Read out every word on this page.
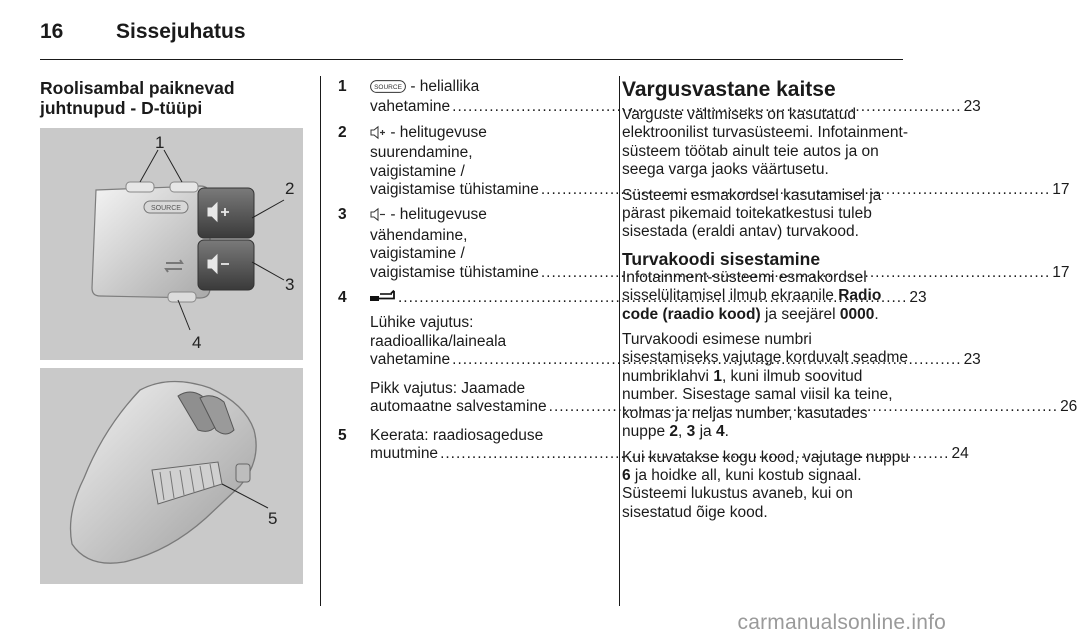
16	Sissejuhatus
Roolisambal paiknevad
juhtnupud - D-tüüpi
SOURCE
1
2
3
4
5
1	SOURCE - heliallika
vahetamine .....	23
2	- helitugevuse
suurendamine,
vaigistamine /
vaigistamise tühistamine .....	17
3	- helitugevuse
vähendamine,
vaigistamine /
vaigistamise tühistamine .....	17
4 .....	23
Lühike vajutus:
raadioallika/laineala
vahetamine .....	23
Pikk vajutus: Jaamade
automaatne salvestamine .....	26
5	Keerata: raadiosageduse
muutmine .....	24
Vargusvastane kaitse

Varguste vältimiseks on kasutatud elektroonilist turvasüsteemi. Infotainment-süsteem töötab ainult teie autos ja on seega varga jaoks väärtusetu.

Süsteemi esmakordsel kasutamisel ja pärast pikemaid toitekatkestusi tuleb sisestada (eraldi antav) turvakood.

Turvakoodi sisestamine

Infotainment-süsteemi esmakordsel sisselülitamisel ilmub ekraanile Radio code (raadio kood) ja seejärel 0000.

Turvakoodi esimese numbri sisestamiseks vajutage korduvalt seadme numbriklahvi 1, kuni ilmub soovitud number. Sisestage samal viisil ka teine, kolmas ja neljas number, kasutades nuppe 2, 3 ja 4.

Kui kuvatakse kogu kood, vajutage nuppu 6 ja hoidke all, kuni kostub signaal. Süsteemi lukustus avaneb, kui on sisestatud õige kood.

carmanualsonline.info
